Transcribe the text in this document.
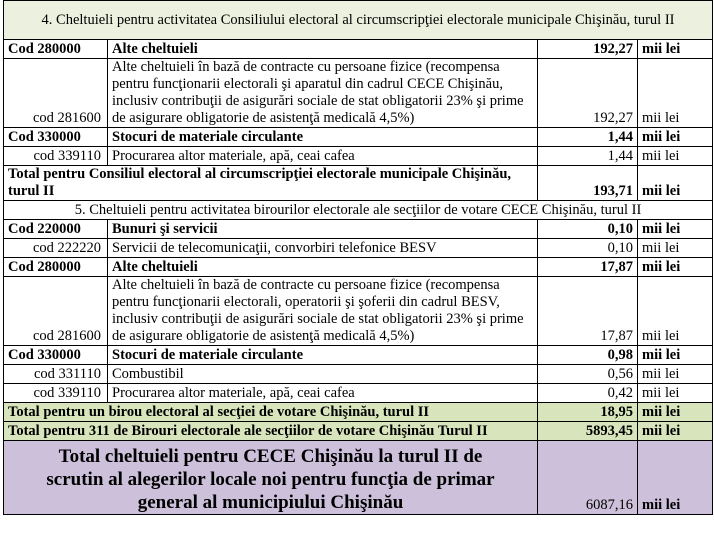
4. Cheltuieli pentru activitatea Consiliului electoral al circumscripţiei electorale municipale Chişinău, turul II			
Cod 280000	Alte cheltuieli	192,27	mii lei
cod 281600	Alte cheltuieli în bază de contracte cu persoane fizice (recompensa pentru funcţionarii electorali şi aparatul din cadrul CECE Chişinău, inclusiv contribuţii de asigurări sociale de stat obligatorii 23% şi prime de asigurare obligatorie de asistenţă medicală 4,5%)	192,27	mii lei
Cod 330000	Stocuri de materiale circulante	1,44	mii lei
cod 339110	Procurarea altor materiale, apă, ceai cafea	1,44	mii lei
Total pentru Consiliul electoral al circumscripţiei electorale municipale Chişinău, turul II		193,71	mii lei
5. Cheltuieli pentru activitatea birourilor electorale ale secţiilor de votare CECE Chişinău, turul II			
Cod 220000	Bunuri şi servicii	0,10	mii lei
cod 222220	Servicii de telecomunicaţii, convorbiri telefonice BESV	0,10	mii lei
Cod 280000	Alte cheltuieli	17,87	mii lei
cod 281600	Alte cheltuieli în bază de contracte cu persoane fizice (recompensa pentru funcţionarii electorali, operatorii şi şoferii din cadrul BESV, inclusiv contribuţii de asigurări sociale de stat obligatorii 23% şi prime de asigurare obligatorie de asistenţă medicală 4,5%)	17,87	mii lei
Cod 330000	Stocuri de materiale circulante	0,98	mii lei
cod 331110	Combustibil	0,56	mii lei
cod 339110	Procurarea altor materiale, apă, ceai cafea	0,42	mii lei
Total pentru un birou electoral al secţiei de votare Chişinău, turul II		18,95	mii lei
Total pentru 311 de Birouri electorale ale secţiilor de votare Chişinău Turul II		5893,45	mii lei
Total cheltuieli pentru CECE Chişinău la turul II de scrutin al alegerilor locale noi pentru funcţia de primar general al municipiului Chişinău		6087,16	mii lei
